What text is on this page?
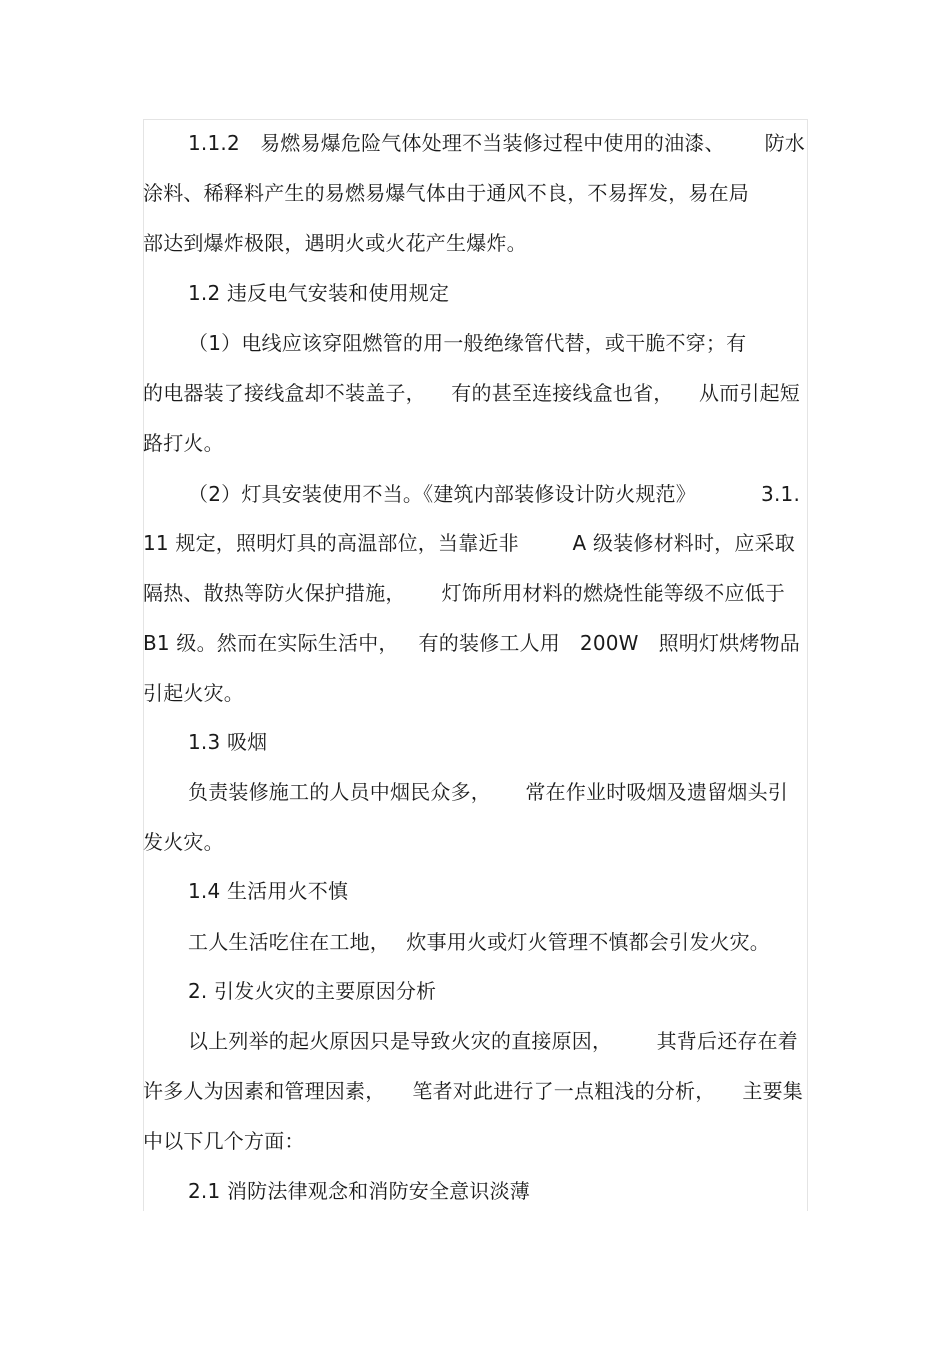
1.1.2　易燃易爆危险气体处理不当装修过程中使用的油漆、 防水
涂料、稀释料产生的易燃易爆气体由于通风不良，不易挥发，易在局
部达到爆炸极限，遇明火或火花产生爆炸。
1.2 违反电气安装和使用规定
（1）电线应该穿阻燃管的用一般绝缘管代替，或干脆不穿；有
的电器装了接线盒却不装盖子， 有的甚至连接线盒也省， 从而引起短
路打火。
（2）灯具安装使用不当。《建筑内部装修设计防火规范》	3.1.
11 规定，照明灯具的高温部位，当靠近非	A 级装修材料时，应采取
隔热、散热等防火保护措施， 灯饰所用材料的燃烧性能等级不应低于
B1 级。然而在实际生活中， 有的装修工人用 200W 照明灯烘烤物品
引起火灾。
1.3 吸烟
负责装修施工的人员中烟民众多， 常在作业时吸烟及遗留烟头引
发火灾。
1.4 生活用火不慎
工人生活吃住在工地， 炊事用火或灯火管理不慎都会引发火灾。
2. 引发火灾的主要原因分析
以上列举的起火原因只是导致火灾的直接原因， 其背后还存在着
许多人为因素和管理因素， 笔者对此进行了一点粗浅的分析， 主要集
中以下几个方面：
2.1 消防法律观念和消防安全意识淡薄
